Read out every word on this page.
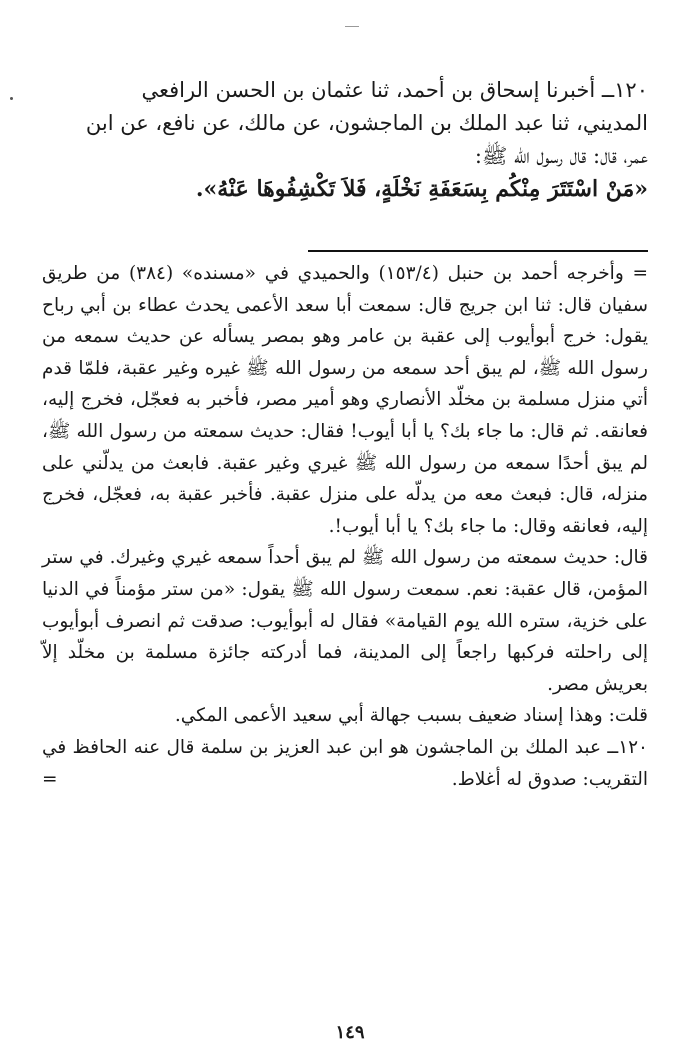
١٢٠ــ أخبرنا إسحاق بن أحمد، ثنا عثمان بن الحسن الرافعي

المديني، ثنا عبد الملك بن الماجشون، عن مالك، عن نافع، عن ابن

عمر، قال: قال رسول الله ﷺ:

«مَنْ اسْتَتَرَ مِنْكُم بِسَعَفَةِ نَخْلَةٍ، فَلاَ تَكْشِفُوهَا عَنْهُ».

= وأخرجه أحمد بن حنبل (١٥٣/٤) والحميدي في «مسنده» (٣٨٤) من طريق سفيان قال: ثنا ابن جريج قال: سمعت أبا سعد الأعمى يحدث عطاء بن أبي رباح يقول: خرج أبوأيوب إلى عقبة بن عامر وهو بمصر يسأله عن حديث سمعه من رسول الله ﷺ، لم يبق أحد سمعه من رسول الله ﷺ غيره وغير عقبة، فلمّا قدم أتي منزل مسلمة بن مخلّد الأنصاري وهو أمير مصر، فأخبر به فعجّل، فخرج إليه، فعانقه. ثم قال: ما جاء بك؟ يا أبا أيوب! فقال: حديث سمعته من رسول الله ﷺ، لم يبق أحدًا سمعه من رسول الله ﷺ غيري وغير عقبة. فابعث من يدلّني على منزله، قال: فبعث معه من يدلّه على منزل عقبة. فأخبر عقبة به، فعجّل، فخرج إليه، فعانقه وقال: ما جاء بك؟ يا أبا أيوب!.

قال: حديث سمعته من رسول الله ﷺ لم يبق أحداً سمعه غيري وغيرك. في ستر المؤمن، قال عقبة: نعم. سمعت رسول الله ﷺ يقول: «من ستر مؤمناً في الدنيا على خزية، ستره الله يوم القيامة» فقال له أبوأيوب: صدقت ثم انصرف أبوأيوب إلى راحلته فركبها راجعاً إلى المدينة، فما أدركته جائزة مسلمة بن مخلّد إلاّ بعريش مصر.

قلت: وهذا إسناد ضعيف بسبب جهالة أبي سعيد الأعمى المكي.

١٢٠ــ عبد الملك بن الماجشون هو ابن عبد العزيز بن سلمة قال عنه الحافظ في التقريب: صدوق له أغلاط.
=

١٤٩
